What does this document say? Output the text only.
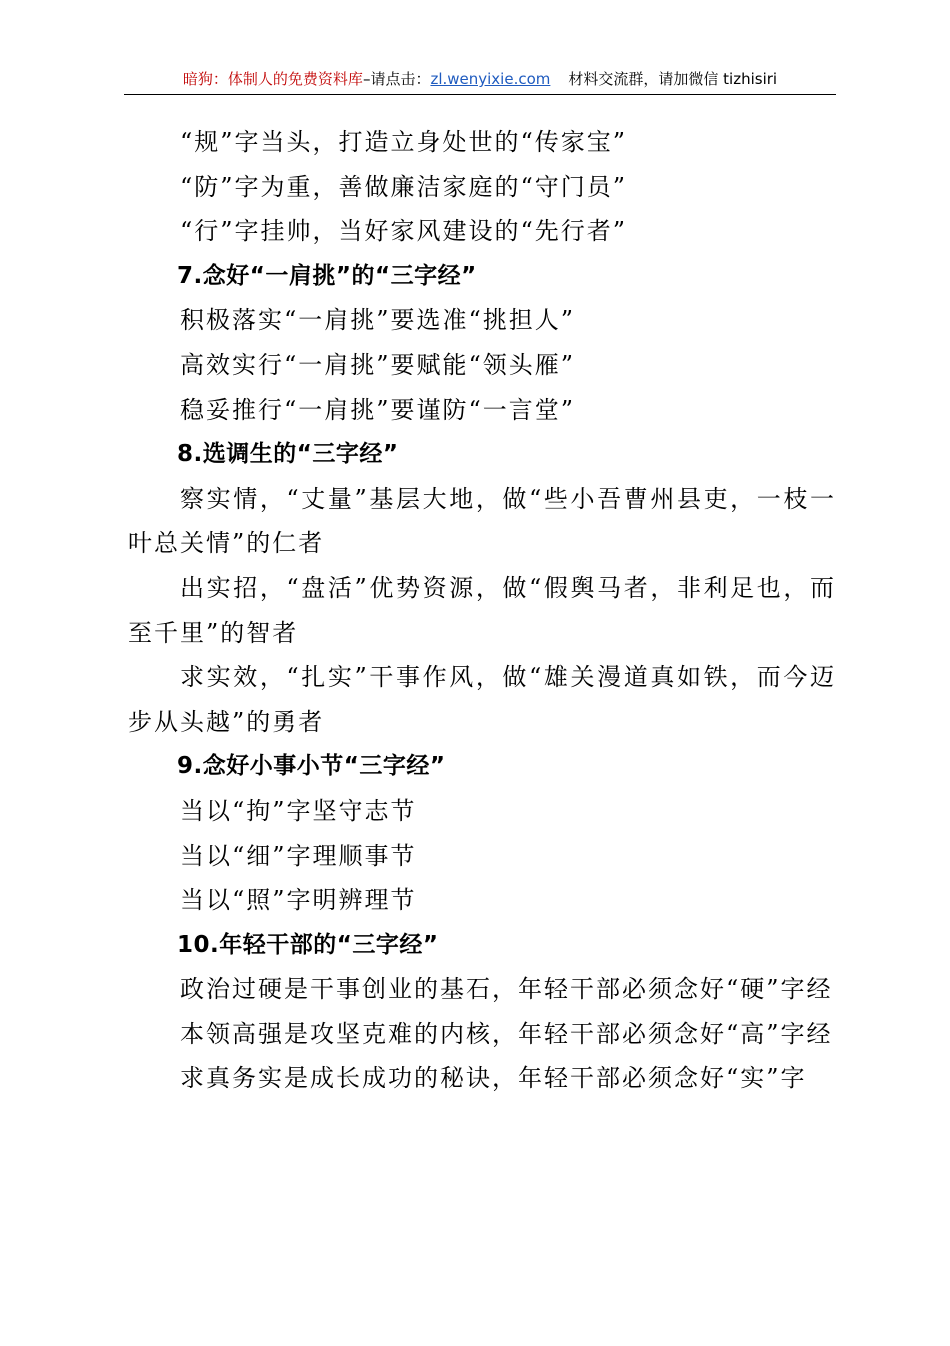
暗狗：体制人的免费资料库–请点击：zl.wenyixie.com 材料交流群，请加微信 tizhisiri

“规”字当头，打造立身处世的“传家宝”

“防”字为重，善做廉洁家庭的“守门员”

“行”字挂帅，当好家风建设的“先行者”

7.念好“一肩挑”的“三字经”

积极落实“一肩挑”要选准“挑担人”

高效实行“一肩挑”要赋能“领头雁”

稳妥推行“一肩挑”要谨防“一言堂”

8.选调生的“三字经”

察实情，“丈量”基层大地，做“些小吾曹州县吏，一枝一叶总关情”的仁者

出实招，“盘活”优势资源，做“假舆马者，非利足也，而至千里”的智者

求实效，“扎实”干事作风，做“雄关漫道真如铁，而今迈步从头越”的勇者

9.念好小事小节“三字经”

当以“拘”字坚守志节

当以“细”字理顺事节

当以“照”字明辨理节

10.年轻干部的“三字经”

政治过硬是干事创业的基石，年轻干部必须念好“硬”字经

本领高强是攻坚克难的内核，年轻干部必须念好“高”字经

求真务实是成长成功的秘诀，年轻干部必须念好“实”字
